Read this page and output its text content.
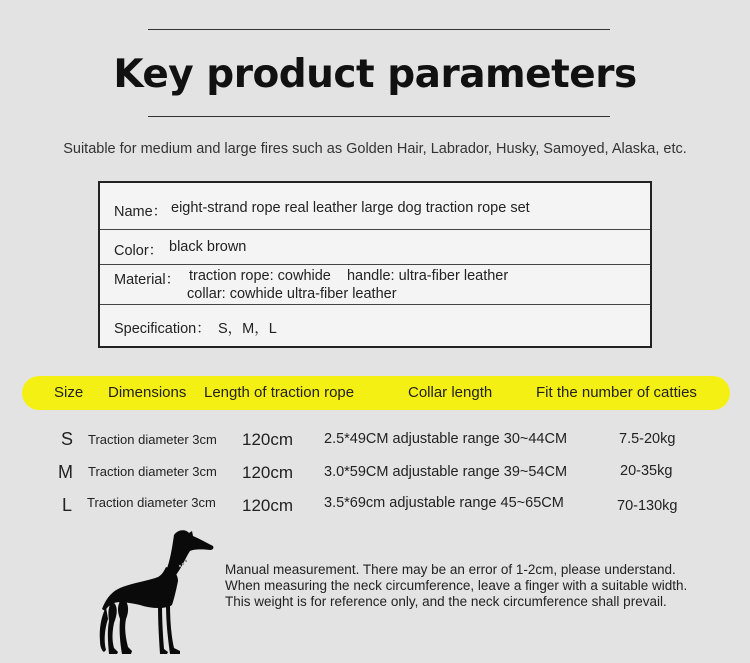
Key product parameters
Suitable for medium and large fires such as Golden Hair, Labrador, Husky, Samoyed, Alaska, etc.
Name： eight-strand rope real leather large dog traction rope set
Color： black brown
Material： traction rope: cowhide    handle: ultra-fiber leather
collar: cowhide ultra-fiber leather
Specification： S，M，L
Size Dimensions Length of traction rope	Collar length	Fit the number of catties
S Traction diameter 3cm 120cm 2.5*49CM adjustable range 30~44CM	7.5-20kg
M Traction diameter 3cm 120cm 3.0*59CM adjustable range 39~54CM	20-35kg
L Traction diameter 3cm 120cm 3.5*69cm adjustable range 45~65CM	70-130kg
Manual measurement. There may be an error of 1-2cm, please understand.
When measuring the neck circumference, leave a finger with a suitable width.
This weight is for reference only, and the neck circumference shall prevail.
